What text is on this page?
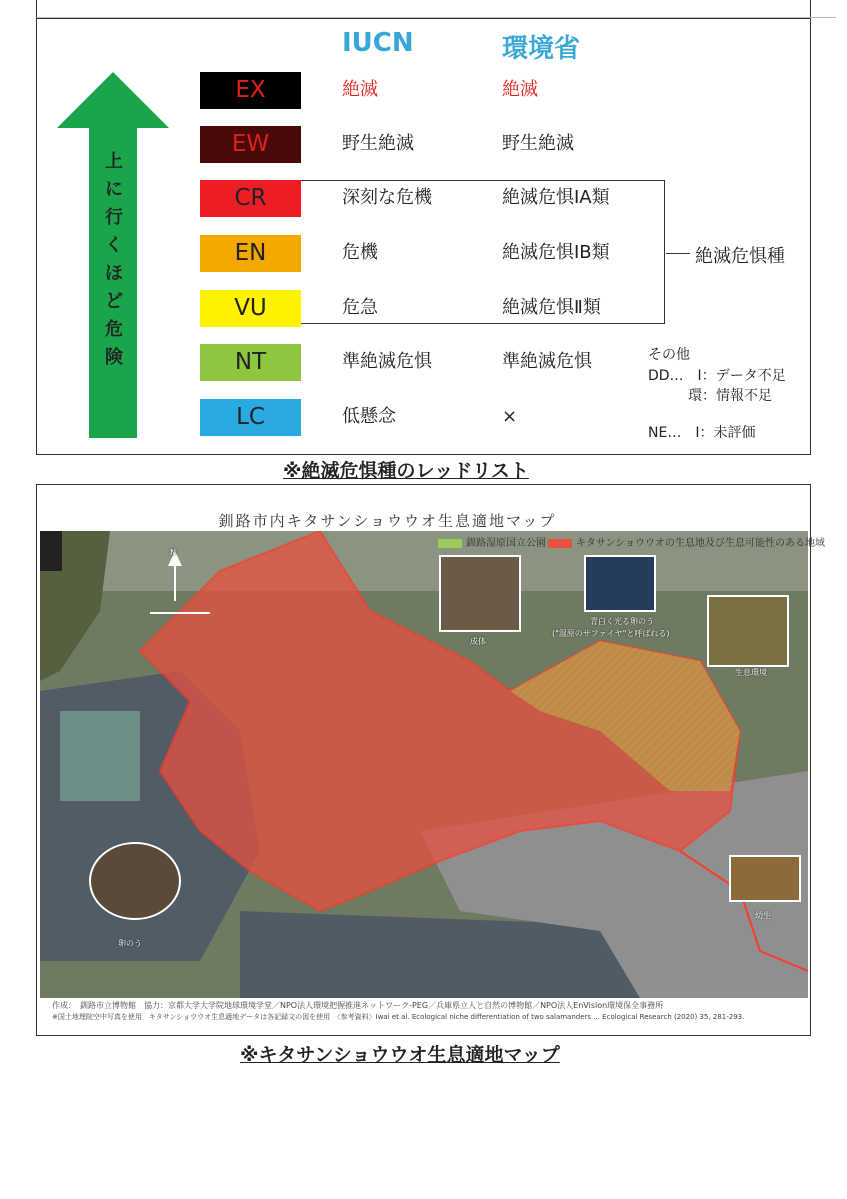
IUCN	環境省
上
に
行
く
ほ
ど
危
険
EX	絶滅	絶滅
EW	野生絶滅	野生絶滅
CR	深刻な危機	絶滅危惧ⅠA類
EN	危機	絶滅危惧ⅠB類
VU	危急	絶滅危惧Ⅱ類
NT	準絶滅危惧	準絶滅危惧
LC	低懸念	×
絶滅危惧種
その他
DD…　I：データ不足
環：情報不足
NE…　I：未評価
※絶滅危惧種のレッドリスト
釧路市内キタサンショウウオ生息適地マップ
釧路湿原国立公園	キタサンショウウオの生息地及び生息可能性のある地域
N
成体
青白く光る卵のう
("湿原のサファイヤ"と呼ばれる)
生息環境
卵のう
幼生
作成：　釧路市立博物館　協力：京都大学大学院地球環境学堂／NPO法人環境把握推進ネットワーク-PEG／兵庫県立人と自然の博物館／NPO法人EnVision環境保全事務所
※国土地理院空中写真を使用　キタサンショウウオ生息適地データは各記録文の図を使用　〈参考資料〉Iwai et al. Ecological niche differentiation of two salamanders ... Ecological Research (2020) 35, 281-293.
※キタサンショウウオ生息適地マップ
